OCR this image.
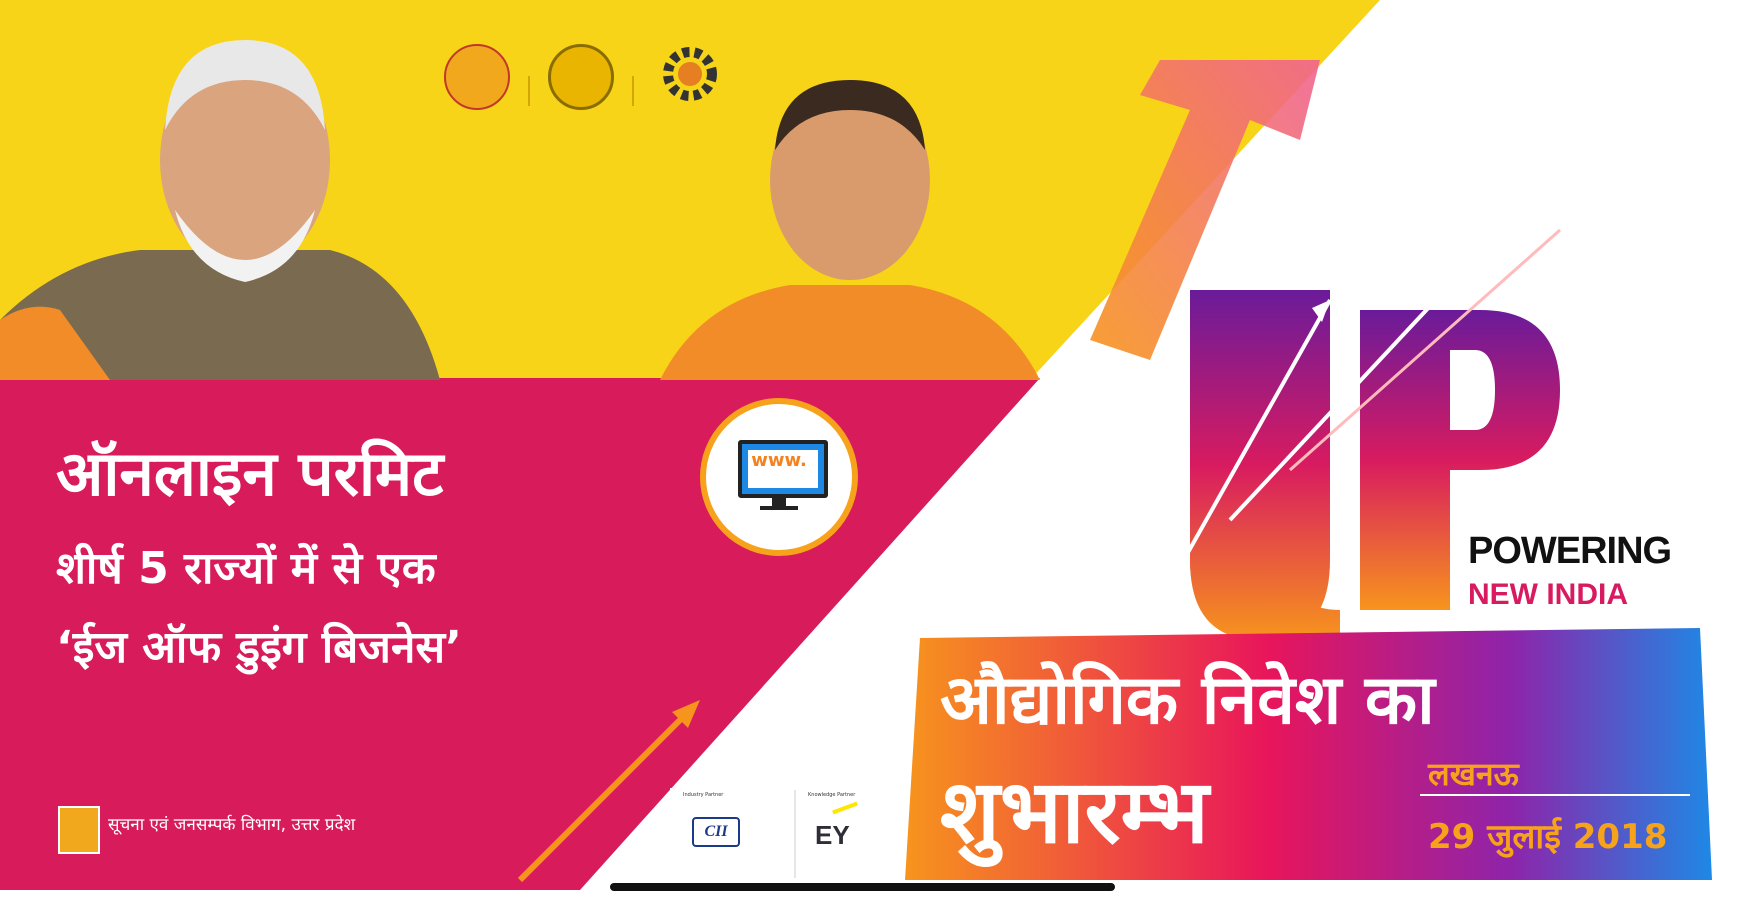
ऑनलाइन परमिट
शीर्ष 5 राज्यों में से एक
‘ईज ऑफ डुइंग बिजनेस’
www.
सूचना एवं जनसम्पर्क विभाग, उत्तर प्रदेश
POWERING
NEW INDIA
औद्योगिक निवेश का
शुभारम्भ	लखनऊ
29 जुलाई 2018
Industry Partner
CII
Knowledge Partner
EY
